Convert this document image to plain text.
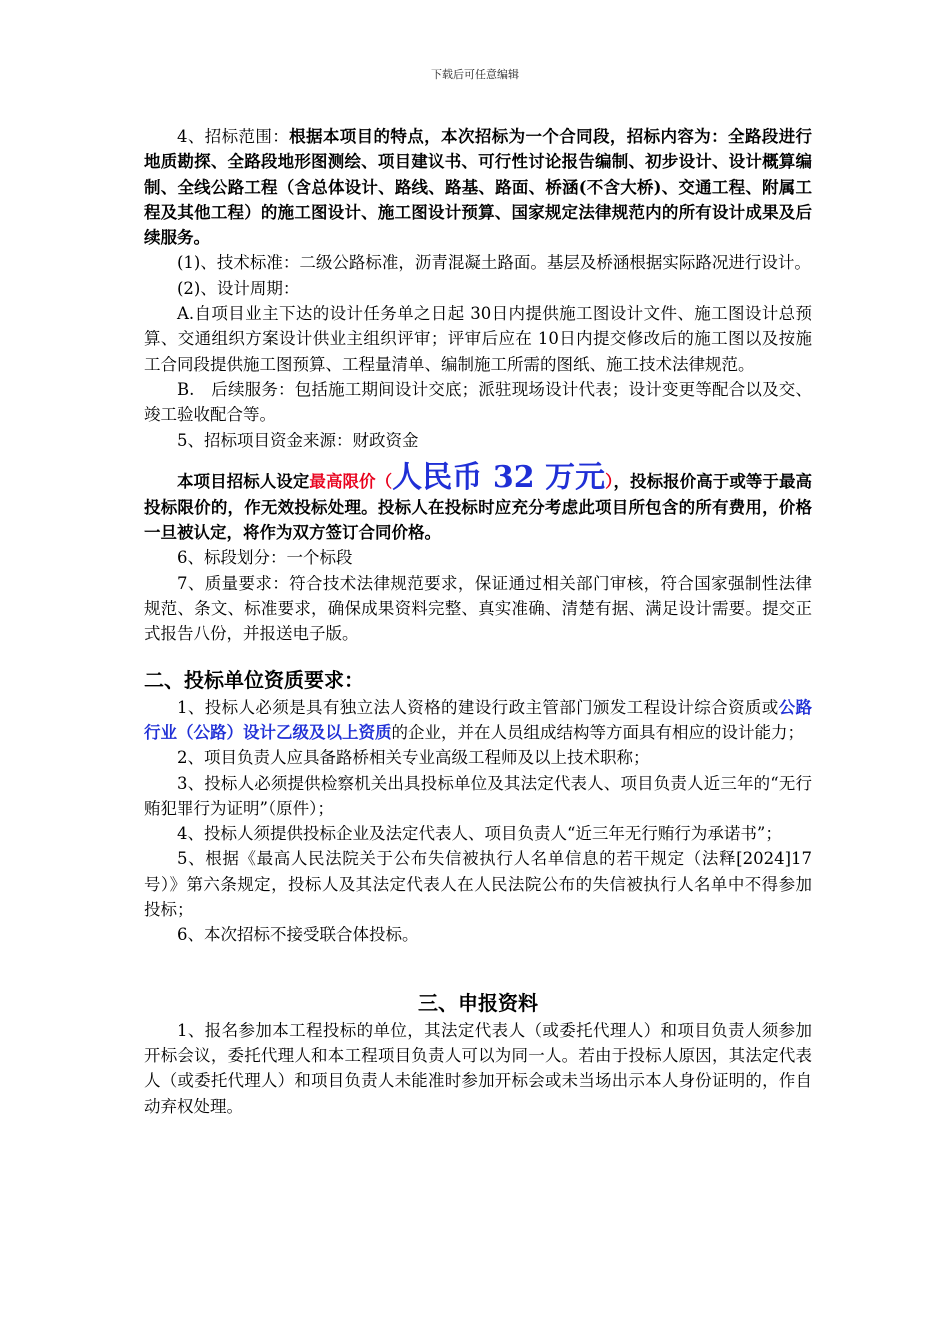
下载后可任意编辑

4、招标范围：根据本项目的特点，本次招标为一个合同段，招标内容为：全路段进行地质勘探、全路段地形图测绘、项目建议书、可行性讨论报告编制、初步设计、设计概算编制、全线公路工程（含总体设计、路线、路基、路面、桥涵(不含大桥)、交通工程、附属工程及其他工程）的施工图设计、施工图设计预算、国家规定法律规范内的所有设计成果及后续服务。

(1)、技术标准：二级公路标准，沥青混凝土路面。基层及桥涵根据实际路况进行设计。

(2)、设计周期：

A.自项目业主下达的设计任务单之日起 30日内提供施工图设计文件、施工图设计总预算、交通组织方案设计供业主组织评审；评审后应在 10日内提交修改后的施工图以及按施工合同段提供施工图预算、工程量清单、编制施工所需的图纸、施工技术法律规范。

B.　后续服务：包括施工期间设计交底；派驻现场设计代表；设计变更等配合以及交、竣工验收配合等。

5、招标项目资金来源：财政资金

本项目招标人设定最高限价（人民币 32 万元），投标报价高于或等于最高投标限价的，作无效投标处理。投标人在投标时应充分考虑此项目所包含的所有费用，价格一旦被认定，将作为双方签订合同价格。

6、标段划分：一个标段

7、质量要求：符合技术法律规范要求，保证通过相关部门审核，符合国家强制性法律规范、条文、标准要求，确保成果资料完整、真实准确、清楚有据、满足设计需要。提交正式报告八份，并报送电子版。

二、投标单位资质要求：

1、投标人必须是具有独立法人资格的建设行政主管部门颁发工程设计综合资质或公路行业（公路）设计乙级及以上资质的企业，并在人员组成结构等方面具有相应的设计能力；

2、项目负责人应具备路桥相关专业高级工程师及以上技术职称；

3、投标人必须提供检察机关出具投标单位及其法定代表人、项目负责人近三年的“无行贿犯罪行为证明”（原件）；

4、投标人须提供投标企业及法定代表人、项目负责人“近三年无行贿行为承诺书”；

5、根据《最高人民法院关于公布失信被执行人名单信息的若干规定（法释[2024]17号）》第六条规定，投标人及其法定代表人在人民法院公布的失信被执行人名单中不得参加投标；

6、本次招标不接受联合体投标。

三、申报资料

1、报名参加本工程投标的单位，其法定代表人（或委托代理人）和项目负责人须参加开标会议，委托代理人和本工程项目负责人可以为同一人。若由于投标人原因，其法定代表人（或委托代理人）和项目负责人未能准时参加开标会或未当场出示本人身份证明的，作自动弃权处理。
